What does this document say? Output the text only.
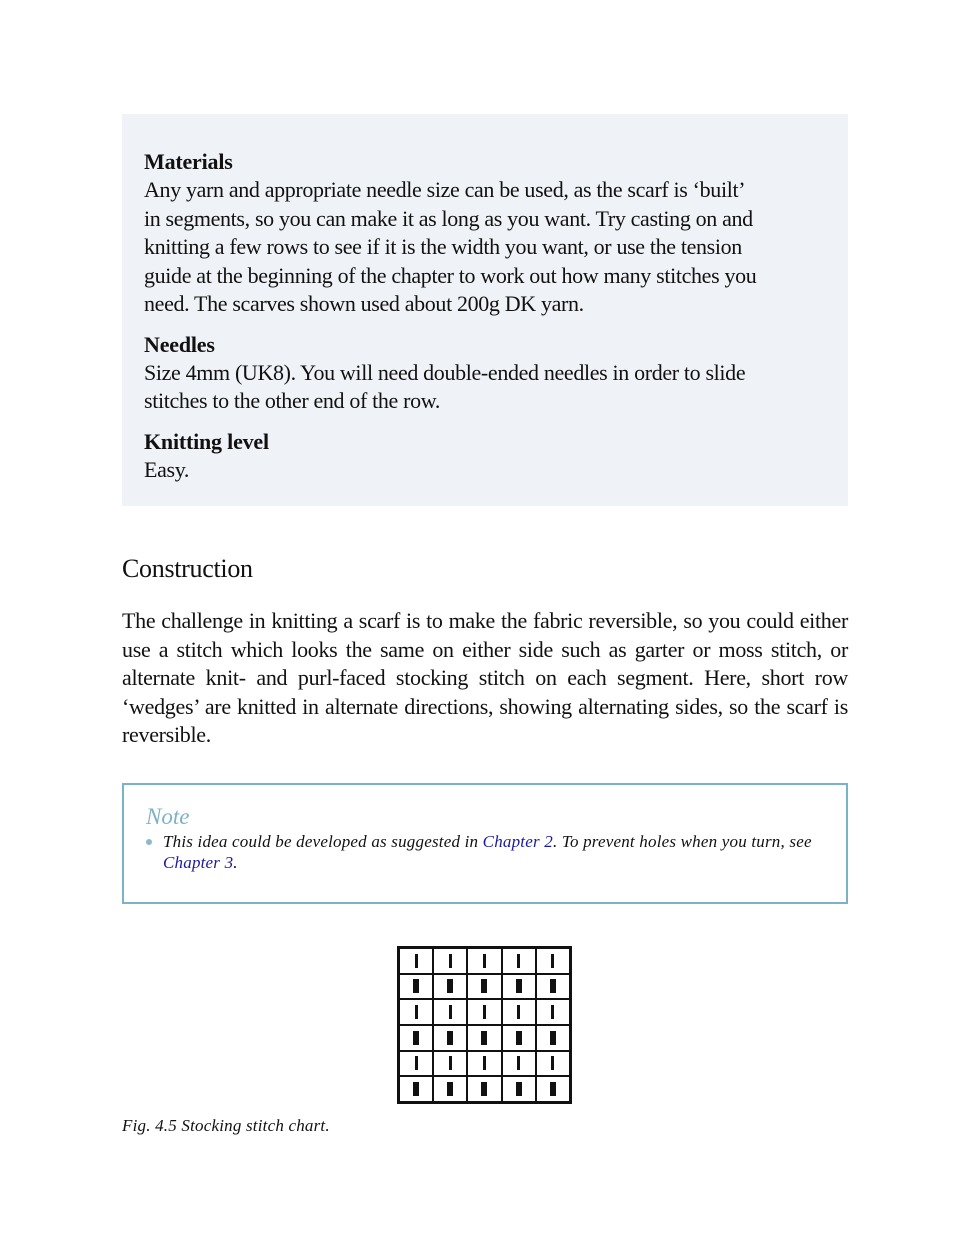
Materials
Any yarn and appropriate needle size can be used, as the scarf is ‘built’
in segments, so you can make it as long as you want. Try casting on and
knitting a few rows to see if it is the width you want, or use the tension
guide at the beginning of the chapter to work out how many stitches you
need. The scarves shown used about 200g DK yarn.
Needles
Size 4mm (UK8). You will need double-ended needles in order to slide
stitches to the other end of the row.
Knitting level
Easy.
Construction
The challenge in knitting a scarf is to make the fabric reversible, so you could either use a stitch which looks the same on either side such as garter or moss stitch, or alternate knit- and purl-faced stocking stitch on each segment. Here, short row ‘wedges’ are knitted in alternate directions, showing alternating sides, so the scarf is reversible.
Note
This idea could be developed as suggested in Chapter 2. To prevent holes when you turn, see Chapter 3.
Fig. 4.5 Stocking stitch chart.
